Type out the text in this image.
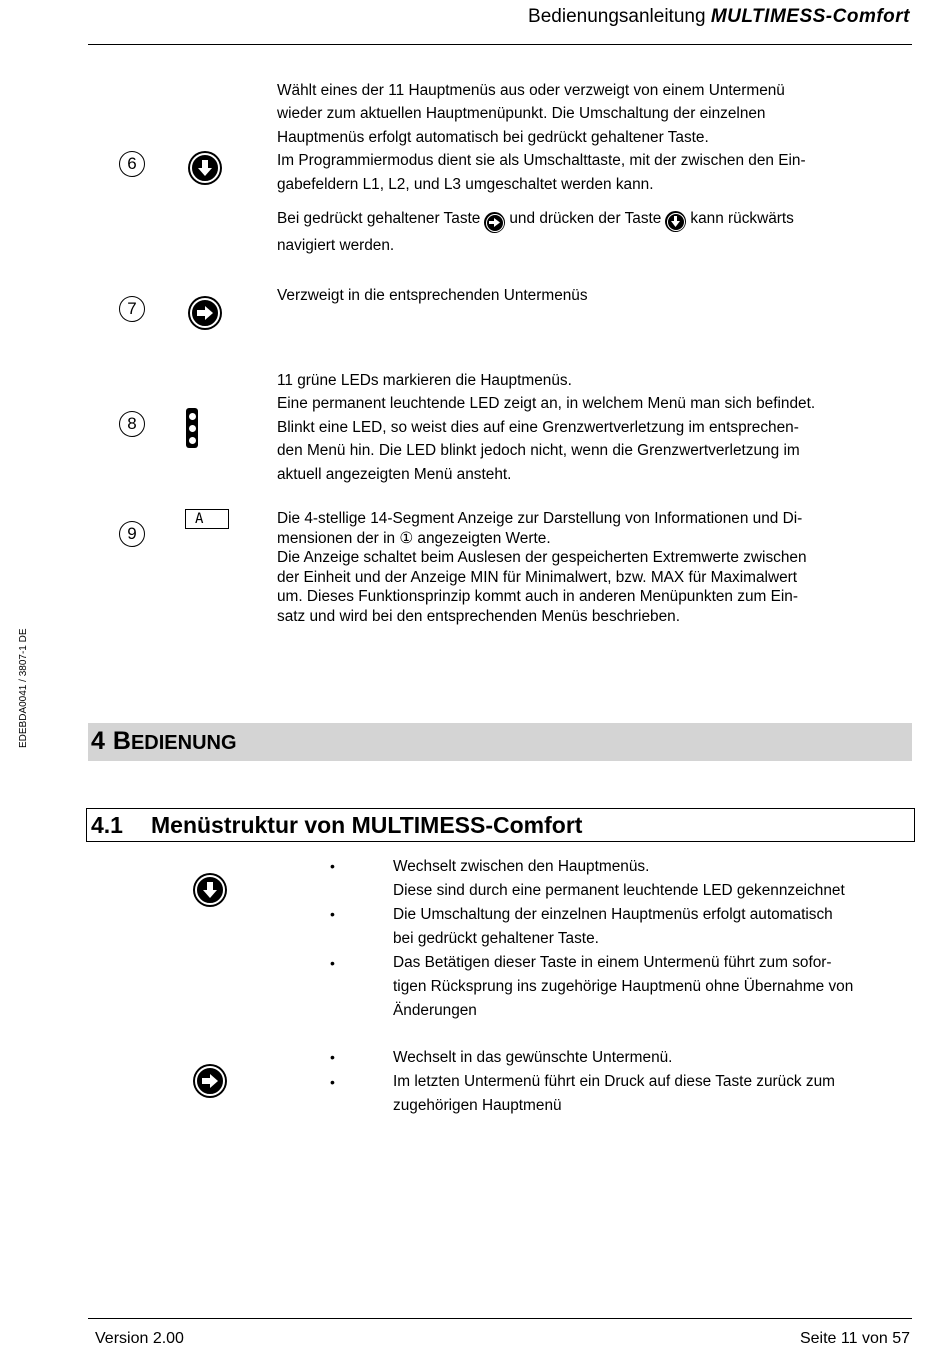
Bedienungsanleitung MULTIMESS-Comfort
EDEBDA0041 / 3807-1 DE
6

Wählt eines der 11 Hauptmenüs aus oder verzweigt von einem Untermenü

wieder zum aktuellen Hauptmenüpunkt. Die Umschaltung der einzelnen

Hauptmenüs erfolgt automatisch bei gedrückt gehaltener Taste.

Im Programmiermodus dient sie als Umschalttaste, mit der zwischen den Ein-

gabefeldern L1, L2, und L3 umgeschaltet werden kann.

Bei gedrückt gehaltener Taste und drücken der Taste kann rückwärts

navigiert werden.

7

Verzweigt in die entsprechenden Untermenüs

8

11 grüne LEDs markieren die Hauptmenüs.

Eine permanent leuchtende LED zeigt an, in welchem Menü man sich befindet.

Blinkt eine LED, so weist dies auf eine Grenzwertverletzung im entsprechen-

den Menü hin. Die LED blinkt jedoch nicht, wenn die Grenzwertverletzung im

aktuell angezeigten Menü ansteht.

9
A	Die 4-stellige 14-Segment Anzeige zur Darstellung von Informationen und Di-

mensionen der in ① angezeigten Werte.

Die Anzeige schaltet beim Auslesen der gespeicherten Extremwerte zwischen

der Einheit und der Anzeige MIN für Minimalwert, bzw. MAX für Maximalwert

um. Dieses Funktionsprinzip kommt auch in anderen Menüpunkten zum Ein-

satz und wird bei den entsprechenden Menüs beschrieben.

4 BEDIENUNG
4.1 Menüstruktur von MULTIMESS-Comfort
•
•
•

Wechselt zwischen den Hauptmenüs.

Diese sind durch eine permanent leuchtende LED gekennzeichnet

Die Umschaltung der einzelnen Hauptmenüs erfolgt automatisch

bei gedrückt gehaltener Taste.

Das Betätigen dieser Taste in einem Untermenü führt zum sofor-

tigen Rücksprung ins zugehörige Hauptmenü ohne Übernahme von

Änderungen

•
•

Wechselt in das gewünschte Untermenü.

Im letzten Untermenü führt ein Druck auf diese Taste zurück zum

zugehörigen Hauptmenü

Version 2.00	Seite 11 von 57
